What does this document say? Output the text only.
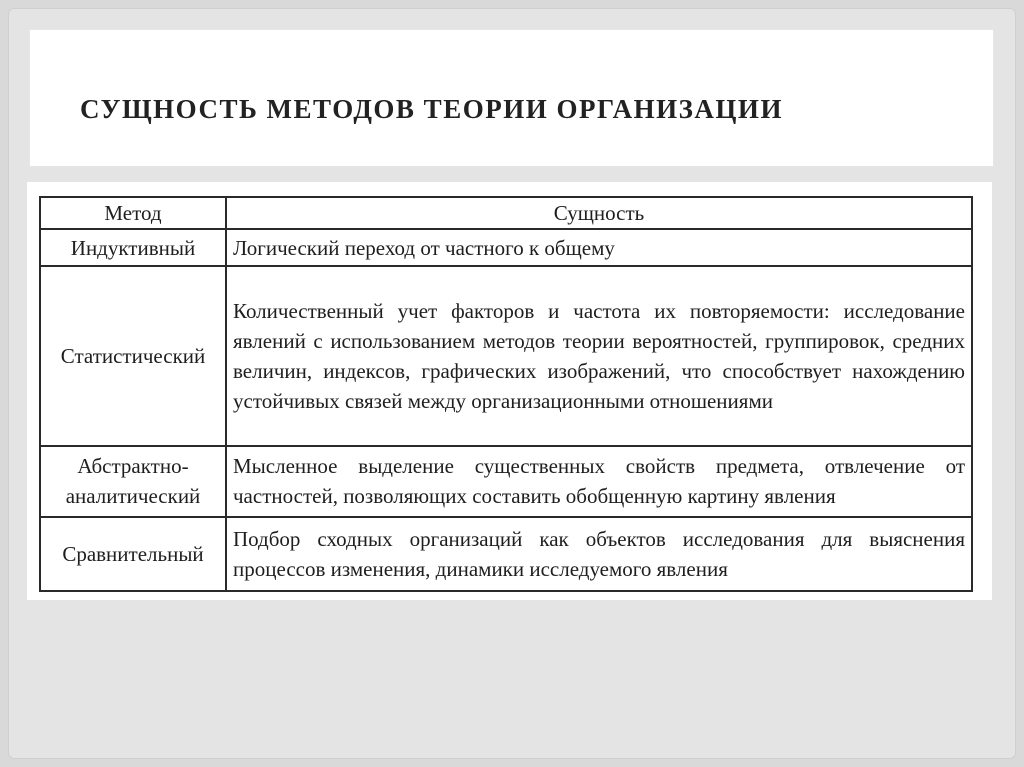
СУЩНОСТЬ МЕТОДОВ ТЕОРИИ ОРГАНИЗАЦИИ
Метод	Сущность
Индуктивный	Логический переход от частного к общему
Статистический	Количественный учет факторов и частота их повторяемости: исследование явлений с использованием методов теории вероятностей, группировок, средних величин, индексов, графических изображений, что способствует нахождению устойчивых связей между организационными отношениями
Абстрактно-аналитический	Мысленное выделение существенных свойств предмета, отвлечение от частностей, позволяющих составить обобщенную картину явления
Сравнительный	Подбор сходных организаций как объектов исследования для выяснения процессов изменения, динамики исследуемого явления
